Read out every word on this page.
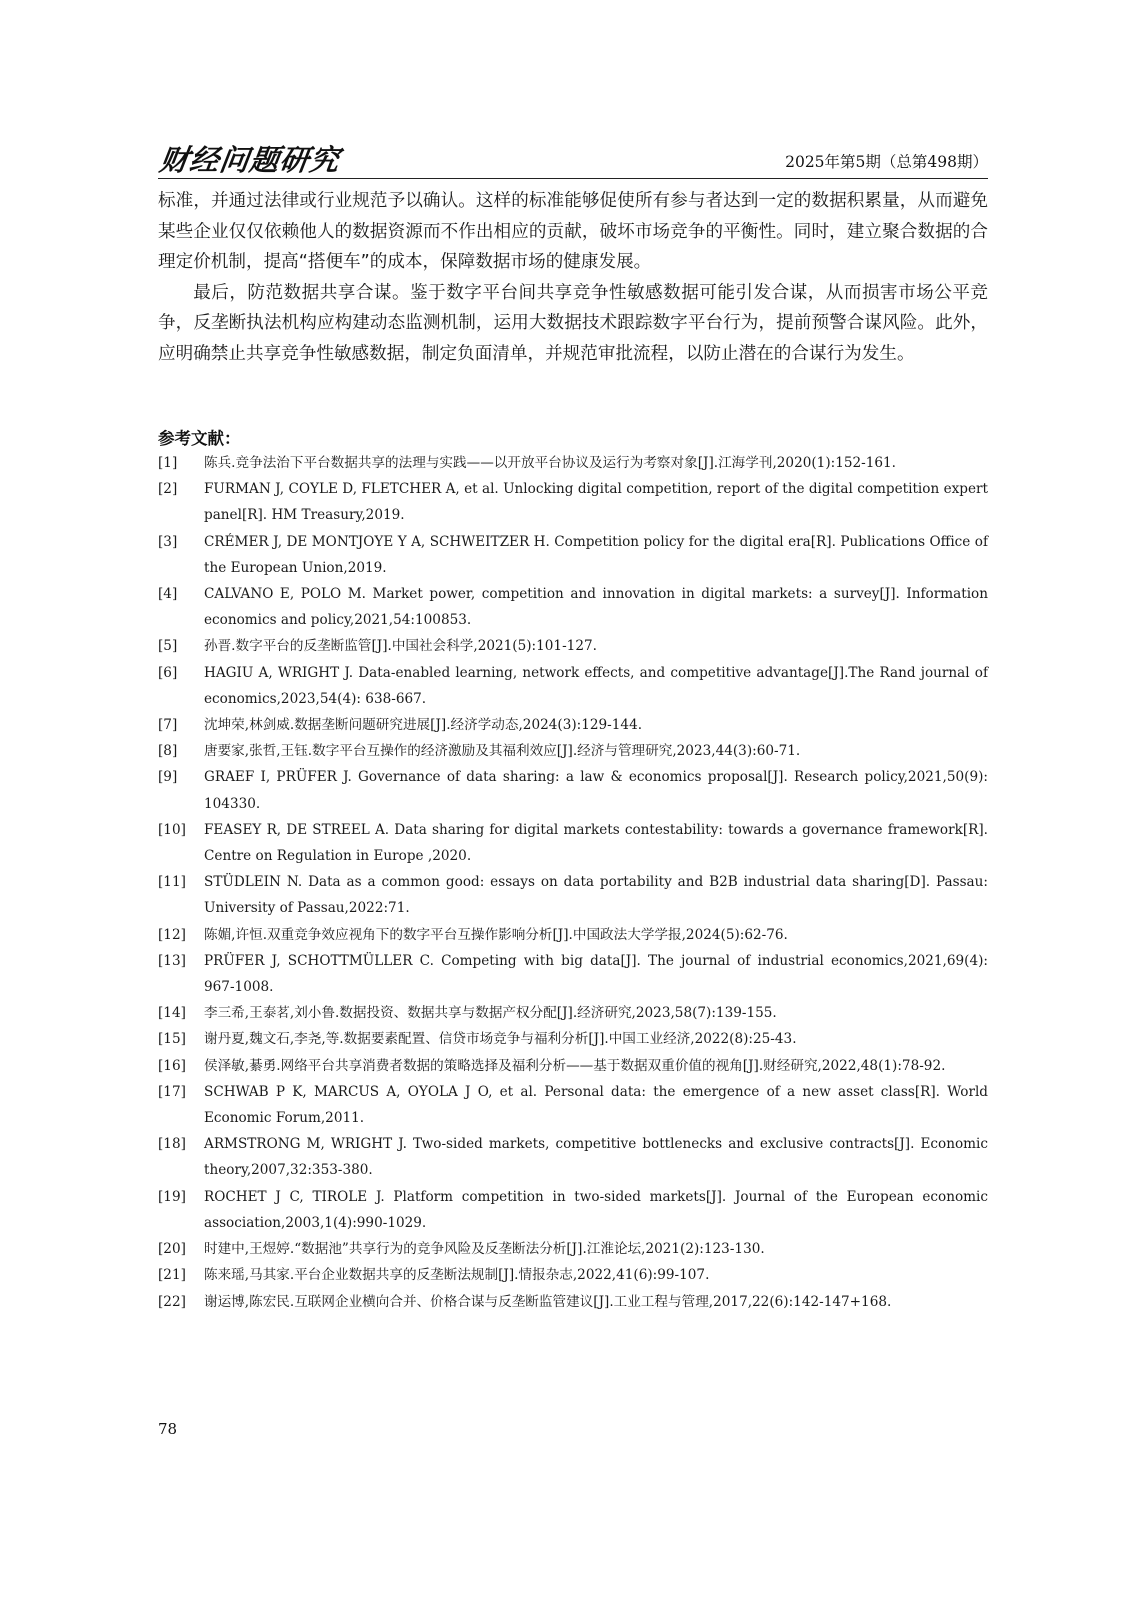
财经问题研究	2025年第5期（总第498期）

标准，并通过法律或行业规范予以确认。这样的标准能够促使所有参与者达到一定的数据积累量，从而避免某些企业仅仅依赖他人的数据资源而不作出相应的贡献，破坏市场竞争的平衡性。同时，建立聚合数据的合理定价机制，提高“搭便车”的成本，保障数据市场的健康发展。

最后，防范数据共享合谋。鉴于数字平台间共享竞争性敏感数据可能引发合谋，从而损害市场公平竞争，反垄断执法机构应构建动态监测机制，运用大数据技术跟踪数字平台行为，提前预警合谋风险。此外，应明确禁止共享竞争性敏感数据，制定负面清单，并规范审批流程，以防止潜在的合谋行为发生。

参考文献：
[1]	陈兵.竞争法治下平台数据共享的法理与实践——以开放平台协议及运行为考察对象[J].江海学刊,2020(1):152-161.
[2]	FURMAN J, COYLE D, FLETCHER A, et al. Unlocking digital competition, report of the digital competition expert panel[R]. HM Treasury,2019.
[3]	CRÉMER J, DE MONTJOYE Y A, SCHWEITZER H. Competition policy for the digital era[R]. Publications Office of the European Union,2019.
[4]	CALVANO E, POLO M. Market power, competition and innovation in digital markets: a survey[J]. Information economics and policy,2021,54:100853.
[5]	孙晋.数字平台的反垄断监管[J].中国社会科学,2021(5):101-127.
[6]	HAGIU A, WRIGHT J. Data-enabled learning, network effects, and competitive advantage[J].The Rand journal of economics,2023,54(4): 638-667.
[7]	沈坤荣,林剑威.数据垄断问题研究进展[J].经济学动态,2024(3):129-144.
[8]	唐要家,张哲,王钰.数字平台互操作的经济激励及其福利效应[J].经济与管理研究,2023,44(3):60-71.
[9]	GRAEF I, PRÜFER J. Governance of data sharing: a law & economics proposal[J]. Research policy,2021,50(9): 104330.
[10]	FEASEY R, DE STREEL A. Data sharing for digital markets contestability: towards a governance framework[R]. Centre on Regulation in Europe ,2020.
[11]	STÜDLEIN N. Data as a common good: essays on data portability and B2B industrial data sharing[D]. Passau: University of Passau,2022:71.
[12]	陈媚,许恒.双重竞争效应视角下的数字平台互操作影响分析[J].中国政法大学学报,2024(5):62-76.
[13]	PRÜFER J, SCHOTTMÜLLER C. Competing with big data[J]. The journal of industrial economics,2021,69(4): 967-1008.
[14]	李三希,王泰茗,刘小鲁.数据投资、数据共享与数据产权分配[J].经济研究,2023,58(7):139-155.
[15]	谢丹夏,魏文石,李尧,等.数据要素配置、信贷市场竞争与福利分析[J].中国工业经济,2022(8):25-43.
[16]	侯泽敏,綦勇.网络平台共享消费者数据的策略选择及福利分析——基于数据双重价值的视角[J].财经研究,2022,48(1):78-92.
[17]	SCHWAB P K, MARCUS A, OYOLA J O, et al. Personal data: the emergence of a new asset class[R]. World Economic Forum,2011.
[18]	ARMSTRONG M, WRIGHT J. Two-sided markets, competitive bottlenecks and exclusive contracts[J]. Economic theory,2007,32:353-380.
[19]	ROCHET J C, TIROLE J. Platform competition in two-sided markets[J]. Journal of the European economic association,2003,1(4):990-1029.
[20]	时建中,王煜婷.“数据池”共享行为的竞争风险及反垄断法分析[J].江淮论坛,2021(2):123-130.
[21]	陈来瑶,马其家.平台企业数据共享的反垄断法规制[J].情报杂志,2022,41(6):99-107.
[22]	谢运博,陈宏民.互联网企业横向合并、价格合谋与反垄断监管建议[J].工业工程与管理,2017,22(6):142-147+168.
78
